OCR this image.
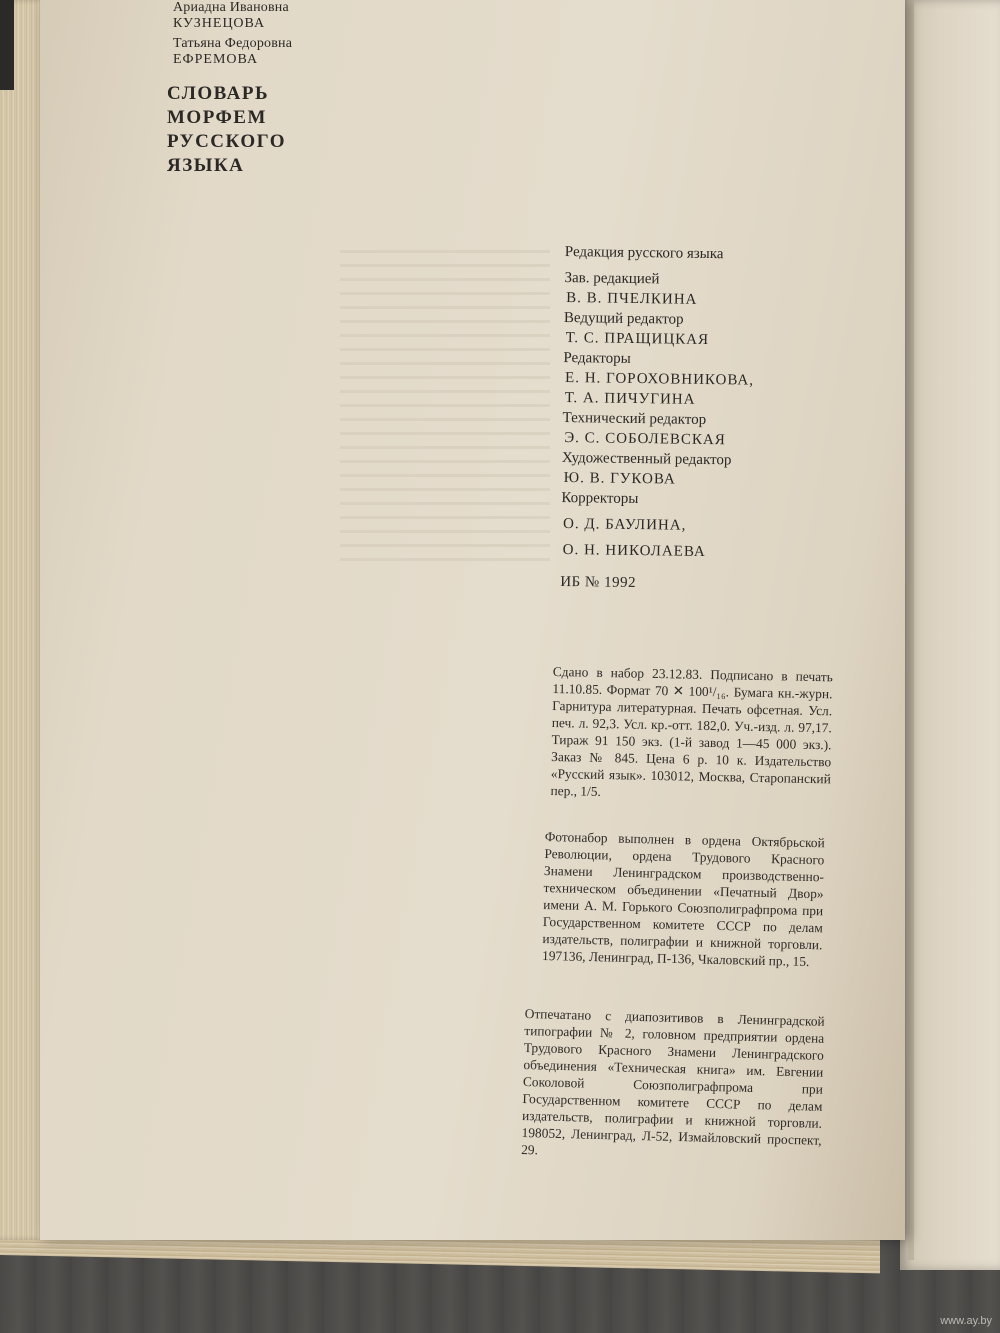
Ариадна Ивановна
КУЗНЕЦОВА
Татьяна Федоровна
ЕФРЕМОВА
СЛОВАРЬ
МОРФЕМ
РУССКОГО
ЯЗЫКА
Редакция русского языка
Зав. редакцией
В. В. ПЧЕЛКИНА
Ведущий редактор
Т. С. ПРАЩИЦКАЯ
Редакторы
Е. Н. ГОРОХОВНИКОВА,
Т. А. ПИЧУГИНА
Технический редактор
Э. С. СОБОЛЕВСКАЯ
Художественный редактор
Ю. В. ГУКОВА
Корректоры
О. Д. БАУЛИНА,
О. Н. НИКОЛАЕВА
ИБ № 1992
Сдано в набор 23.12.83. Подписано в печать 11.10.85. Формат 70 ✕ 100¹/₁₆. Бумага кн.-журн. Гарнитура литературная. Печать офсетная. Усл. печ. л. 92,3. Усл. кр.-отт. 182,0. Уч.-изд. л. 97,17. Тираж 91 150 экз. (1-й завод 1—45 000 экз.). Заказ № 845. Цена 6 р. 10 к. Издательство «Русский язык». 103012, Москва, Старопанский пер., 1/5.
Фотонабор выполнен в ордена Октябрьской Революции, ордена Трудового Красного Знамени Ленинградском производственно-техническом объединении «Печатный Двор» имени А. М. Горького Союзполиграфпрома при Государственном комитете СССР по делам издательств, полиграфии и книжной торговли. 197136, Ленинград, П-136, Чкаловский пр., 15.
Отпечатано с диапозитивов в Ленинградской типографии № 2, головном предприятии ордена Трудового Красного Знамени Ленинградского объединения «Техническая книга» им. Евгении Соколовой Союзполиграфпрома при Государственном комитете СССР по делам издательств, полиграфии и книжной торговли. 198052, Ленинград, Л-52, Измайловский проспект, 29.
www.ay.by
